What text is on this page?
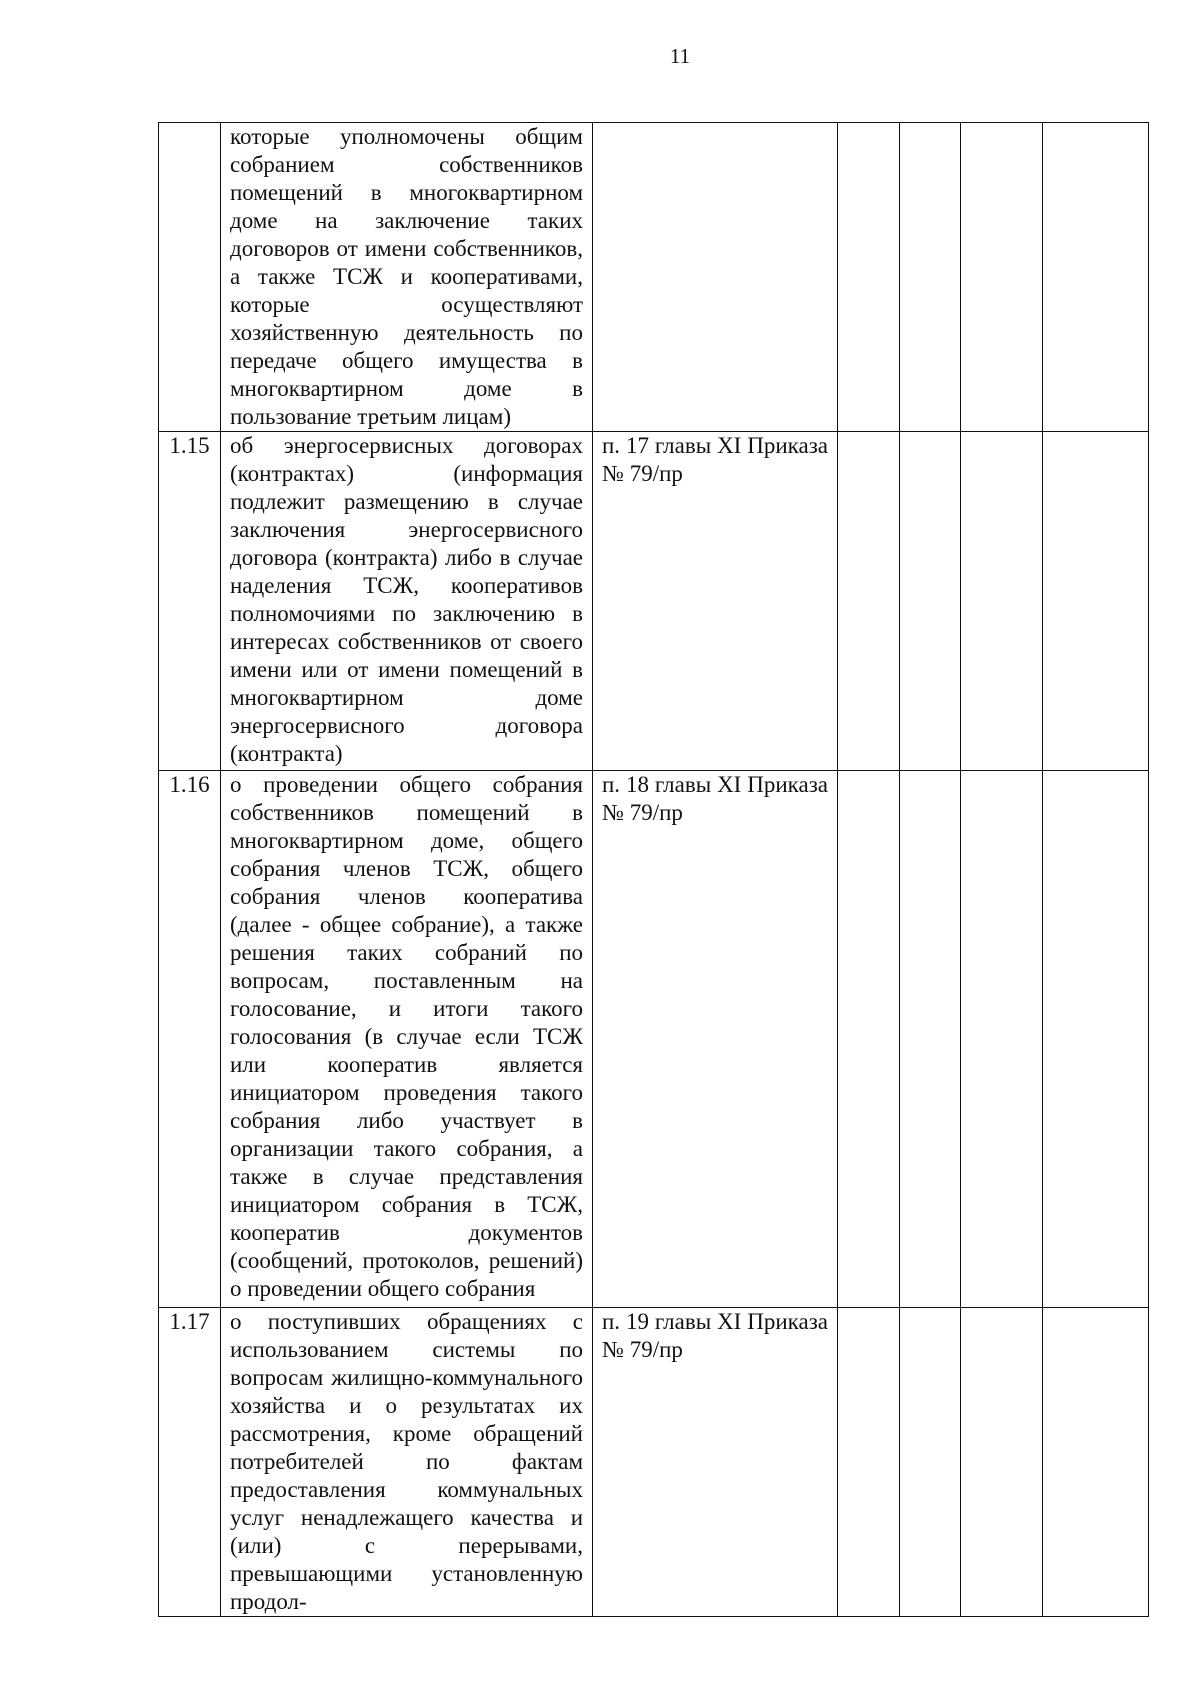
11

	которые уполномочены общим собранием собственников помещений в многоквартирном доме на заключение таких договоров от имени собственников, а также ТСЖ и кооперативами, которые осуществляют хозяйственную деятельность по передаче общего имущества в многоквартирном доме в пользование третьим лицам)					

1.15	об энергосервисных договорах (контрактах) (информация подлежит размещению в случае заключения энергосервисного договора (контракта) либо в случае наделения ТСЖ, кооперативов полномочиями по заключению в интересах собственников от своего имени или от имени помещений в многоквартирном доме энергосервисного договора (контракта)	п. 17 главы XI Приказа № 79/пр				
1.16	о проведении общего собрания собственников помещений в многоквартирном доме, общего собрания членов ТСЖ, общего собрания членов кооператива (далее - общее собрание), а также решения таких собраний по вопросам, поставленным на голосование, и итоги такого голосования (в случае если ТСЖ или кооператив является инициатором проведения такого собрания либо участвует в организации такого собрания, а также в случае представления инициатором собрания в ТСЖ, кооператив документов (сообщений, протоколов, решений) о проведении общего собрания	п. 18 главы XI Приказа № 79/пр				
1.17	о поступивших обращениях с использованием системы по вопросам жилищно-коммунального хозяйства и о результатах их рассмотрения, кроме обращений потребителей по фактам предоставления коммунальных услуг ненадлежащего качества и (или) с перерывами, превышающими установленную продол-	п. 19 главы XI Приказа № 79/пр				
